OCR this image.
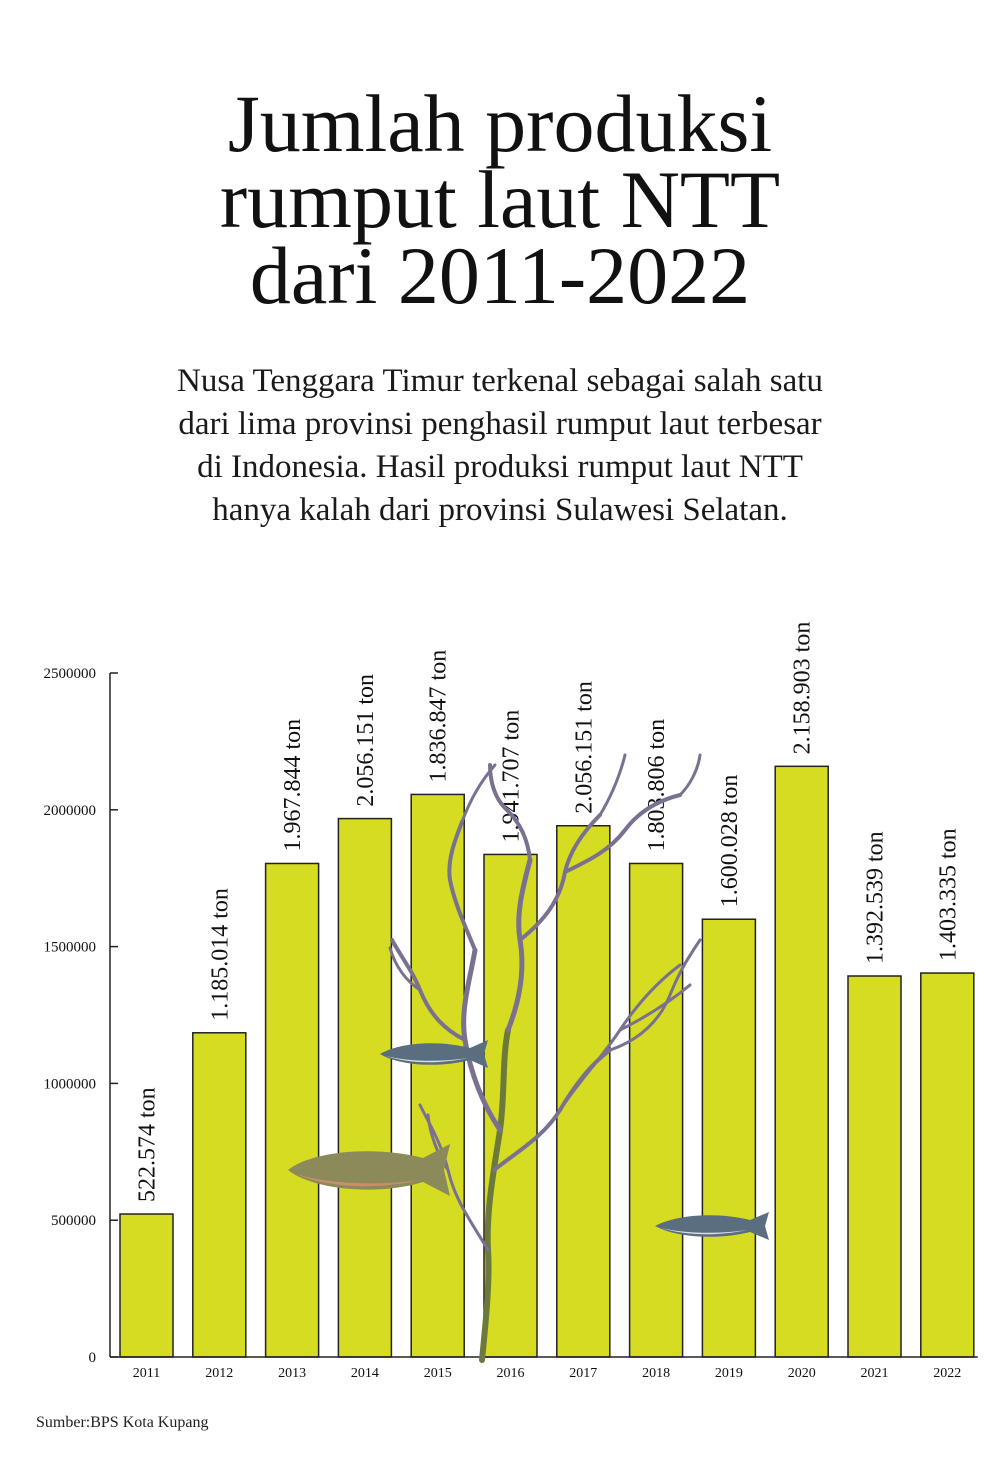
Jumlah produksi
rumput laut NTT
dari 2011-2022

Nusa Tenggara Timur terkenal sebagai salah satu
dari lima provinsi penghasil rumput laut terbesar
di Indonesia. Hasil produksi rumput laut NTT
hanya kalah dari provinsi Sulawesi Selatan.

522.574 ton
1.185.014 ton
1.967.844 ton 2.056.151 ton 1.836.847 ton 1.941.707 ton 2.056.151 ton 1.803.806 ton 1.600.028 ton
2.158.903 ton
1.392.539 ton 1.403.335 ton
0
500000
1000000
1500000
2000000
2500000
2011	2012	2013	2014	2015	2016	2017	2018	2019	2020	2021	2022

Sumber:BPS Kota Kupang
